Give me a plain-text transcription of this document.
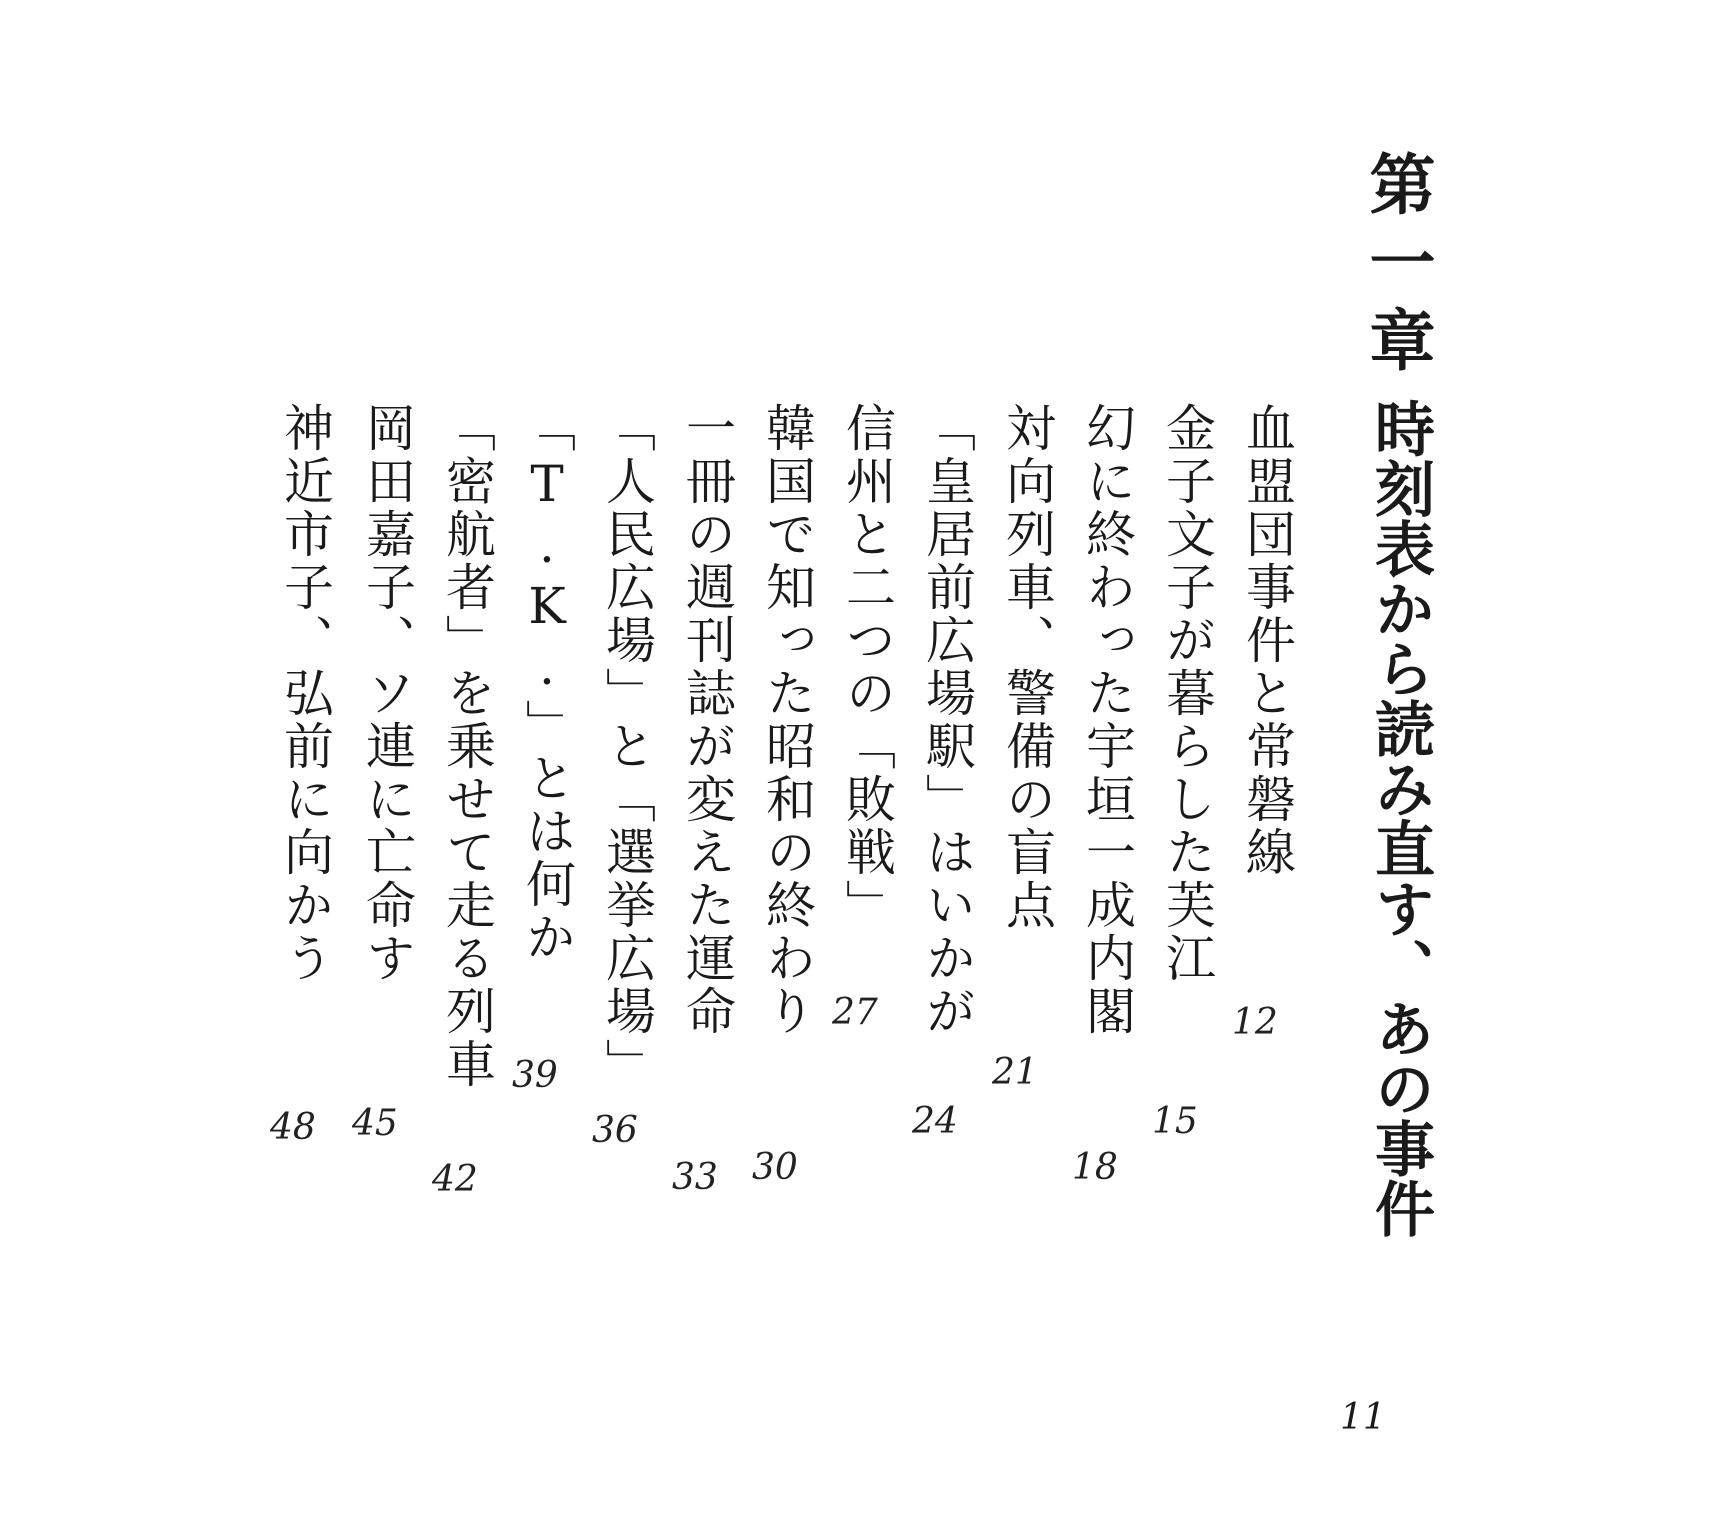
第一章
時刻表から読み直す、あの事件
血盟団事件と常磐線
金子文子が暮らした芙江
幻に終わった宇垣一成内閣
対向列車、警備の盲点
「皇居前広場駅」はいかが
信州と二つの「敗戦」
韓国で知った昭和の終わり
一冊の週刊誌が変えた運命
「人民広場」と「選挙広場」
「T.K.」とは何か
「密航者」を乗せて走る列車
岡田嘉子、ソ連に亡命す
神近市子、弘前に向かう
12
15
18
21
24
27
30
33
36
39
42
45
48
11
